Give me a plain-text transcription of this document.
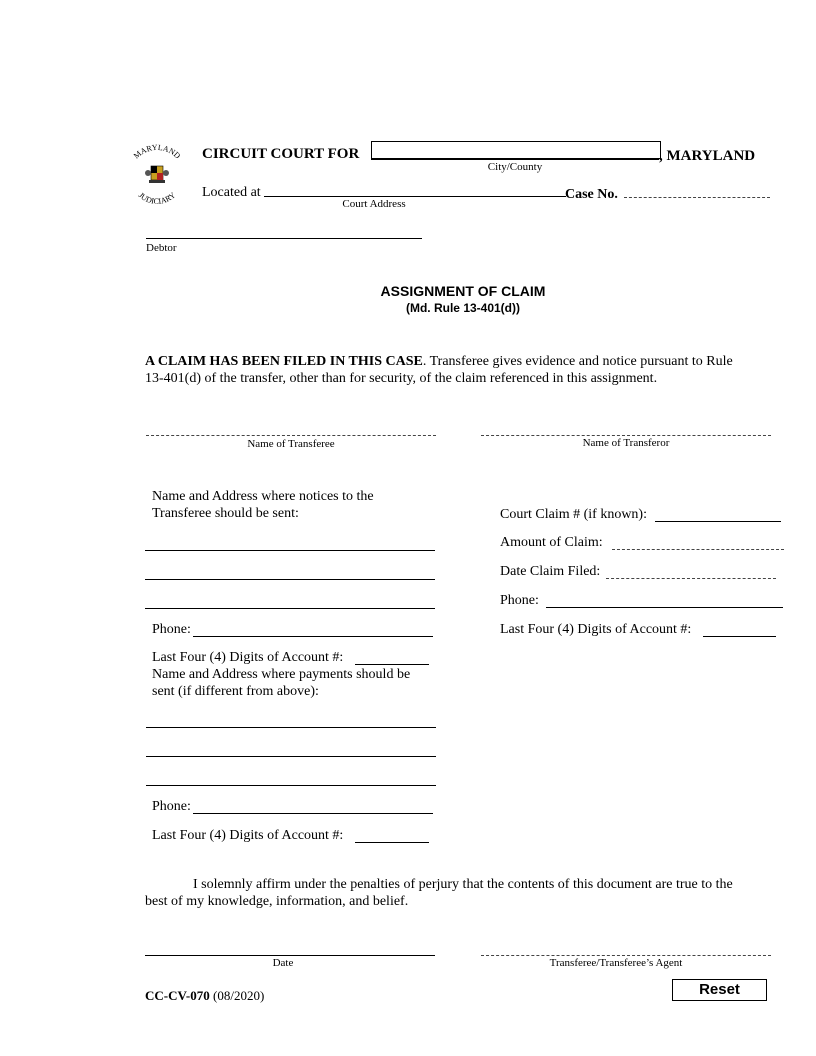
MARYLAND
JUDICIARY
CIRCUIT COURT FOR
City/County
, MARYLAND
Located at
Court Address
Case No.
Debtor
ASSIGNMENT OF CLAIM
(Md. Rule 13-401(d))
A CLAIM HAS BEEN FILED IN THIS CASE. Transferee gives evidence and notice pursuant to Rule
13-401(d) of the transfer, other than for security, of the claim referenced in this assignment.
Name of Transferee	Name of Transferor
Name and Address where notices to the
Transferee should be sent:
Phone:
Last Four (4) Digits of Account #:
Name and Address where payments should be
sent (if different from above):
Phone:
Last Four (4) Digits of Account #:
Court Claim # (if known):
Amount of Claim:
Date Claim Filed:
Phone:
Last Four (4) Digits of Account #:
I solemnly affirm under the penalties of perjury that the contents of this document are true to the
best of my knowledge, information, and belief.
Date	Transferee/Transferee’s Agent
CC-CV-070 (08/2020)	Reset
